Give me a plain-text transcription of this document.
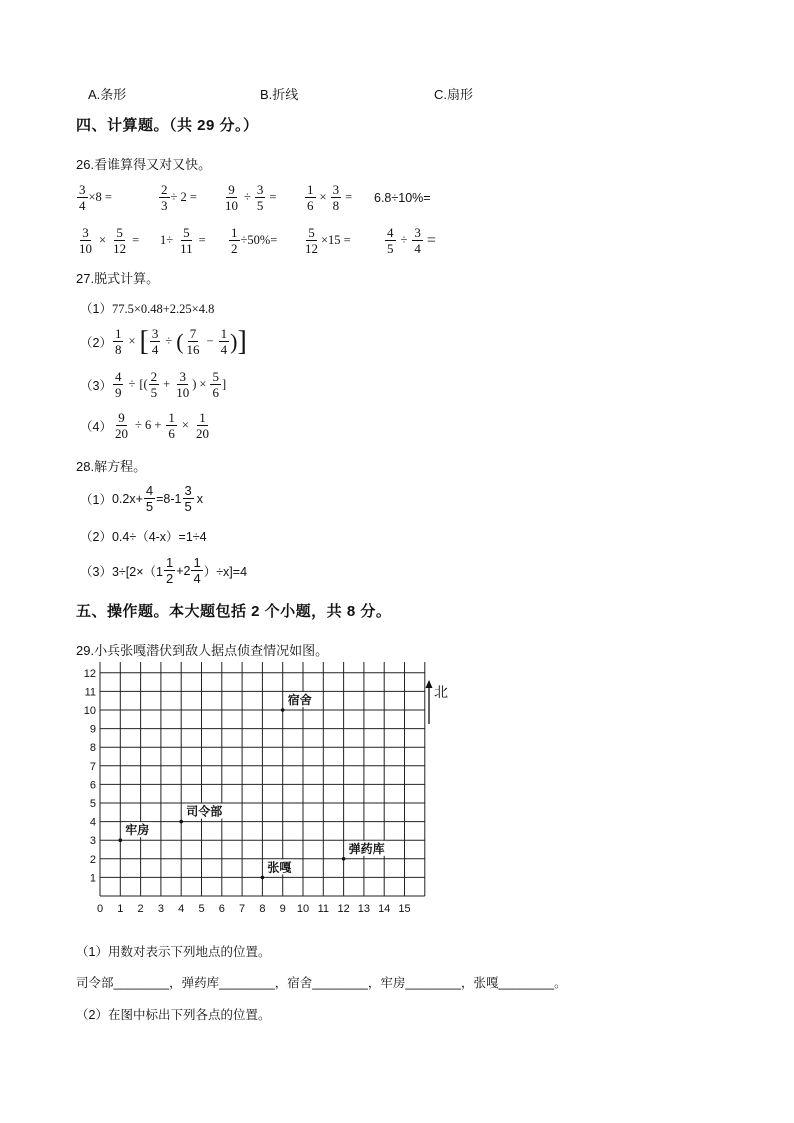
A.条形	B.折线	C.扇形
四、计算题。（共 29 分。）
26.看谁算得又对又快。
$\frac{3}{4} \times 8$ =	$\frac{2}{3} \div 2 = \frac{9}{10} \div \frac{3}{5} = \frac{1}{6} \times \frac{3}{8} = 6.8\div 10\%=$
$\frac{3}{10} \times \frac{5}{12} = 1\div \frac{5}{11} = \frac{1}{2} \div 50\%= \frac{5}{12} \times 15$ =	$\frac{4}{5} \div \frac{3}{4}$ =
27.脱式计算。
（1）77.5×0.48+2.25×4.8
$(2) \frac{1}{8}$ × [ $\frac{3}{4}$ ÷ ( $\frac{7}{16} - \frac{1}{4}$ ) ]
$(3) \frac{4}{9}$ ÷ [( $\frac{2}{5} + \frac{3}{10}$ ) × $\frac{5}{6}$ ]
$(4) \frac{9}{20} \div 6 + \frac{1}{6} \times \frac{1}{20}$
28.解方程。
（1） $0.2x+ \frac{4}{5} =8-1 \frac{3}{5}$ x
（2）0.4÷（4-x）=1÷4
（3） $3\div[2\times(1 \frac{1}{2} +2 \frac{1}{4} )\div x]=4$
五、操作题。本大题包括 2 个小题，共 8 分。
29.小兵张嘎潜伏到敌人据点侦查情况如图。
1
2
3
4
5
6
7
8
9
10
11
12
0 1 2 3 4 5 6 7 8 9 10 11 12 13 14 15
宿舍
司令部
牢房
弹药库
张嘎
北
（1）用数对表示下列地点的位置。
司令部________，弹药库________，宿舍________，牢房________，张嘎________。
（2）在图中标出下列各点的位置。
